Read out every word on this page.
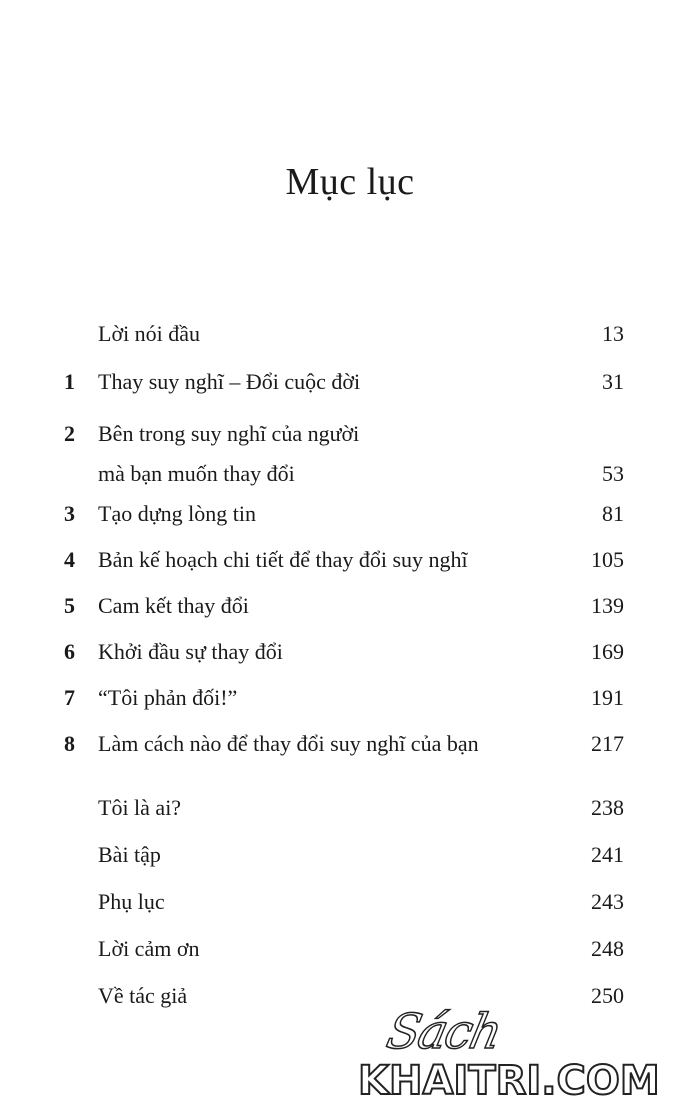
Mục lục
Lời nói đầu	13
1	Thay suy nghĩ – Đổi cuộc đời	31
2	Bên trong suy nghĩ của người
mà bạn muốn thay đổi	53
3	Tạo dựng lòng tin	81
4	Bản kế hoạch chi tiết để thay đổi suy nghĩ	105
5	Cam kết thay đổi	139
6	Khởi đầu sự thay đổi	169
7	“Tôi phản đối!”	191
8	Làm cách nào để thay đổi suy nghĩ của bạn	217
Tôi là ai?	238
Bài tập	241
Phụ lục	243
Lời cảm ơn	248
Về tác giả	250
Sách
KHAITRI.COM
